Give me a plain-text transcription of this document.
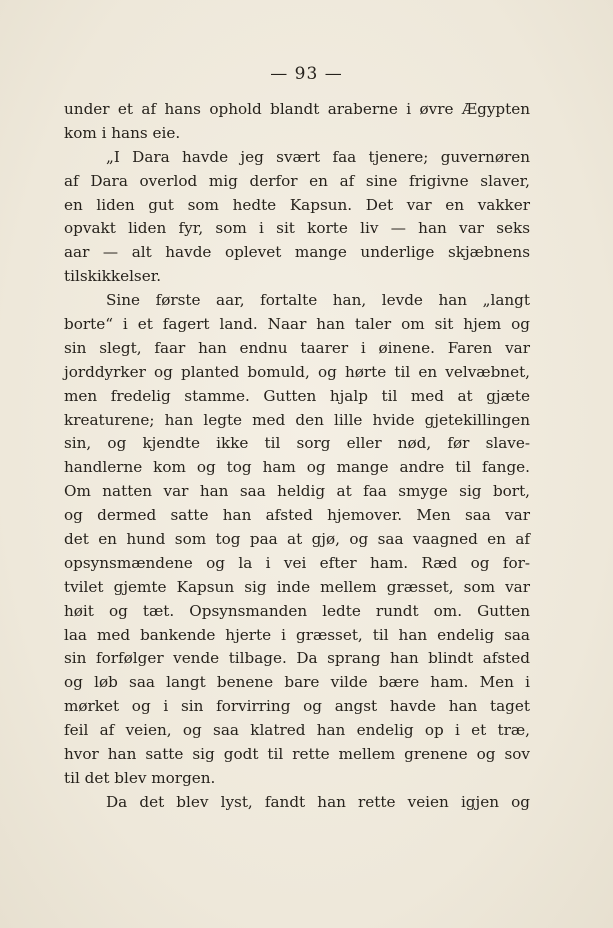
— 93 —
under et af hans ophold blandt araberne i øvre Ægypten
kom i hans eie.
„I Dara havde jeg svært faa tjenere; guvernøren
af Dara overlod mig derfor en af sine frigivne slaver,
en liden gut som hedte Kapsun. Det var en vakker
opvakt liden fyr, som i sit korte liv — han var seks
aar — alt havde oplevet mange underlige skjæbnens
tilskikkelser.
Sine første aar, fortalte han, levde han „langt
borte“ i et fagert land. Naar han taler om sit hjem og
sin slegt, faar han endnu taarer i øinene. Faren var
jorddyrker og planted bomuld, og hørte til en velvæbnet,
men fredelig stamme. Gutten hjalp til med at gjæte
kreaturene; han legte med den lille hvide gjetekillingen
sin, og kjendte ikke til sorg eller nød, før slave-
handlerne kom og tog ham og mange andre til fange.
Om natten var han saa heldig at faa smyge sig bort,
og dermed satte han afsted hjemover. Men saa var
det en hund som tog paa at gjø, og saa vaagned en af
opsynsmændene og la i vei efter ham. Ræd og for-
tvilet gjemte Kapsun sig inde mellem græsset, som var
høit og tæt. Opsynsmanden ledte rundt om. Gutten
laa med bankende hjerte i græsset, til han endelig saa
sin forfølger vende tilbage. Da sprang han blindt afsted
og løb saa langt benene bare vilde bære ham. Men i
mørket og i sin forvirring og angst havde han taget
feil af veien, og saa klatred han endelig op i et træ,
hvor han satte sig godt til rette mellem grenene og sov
til det blev morgen.
Da det blev lyst, fandt han rette veien igjen og
